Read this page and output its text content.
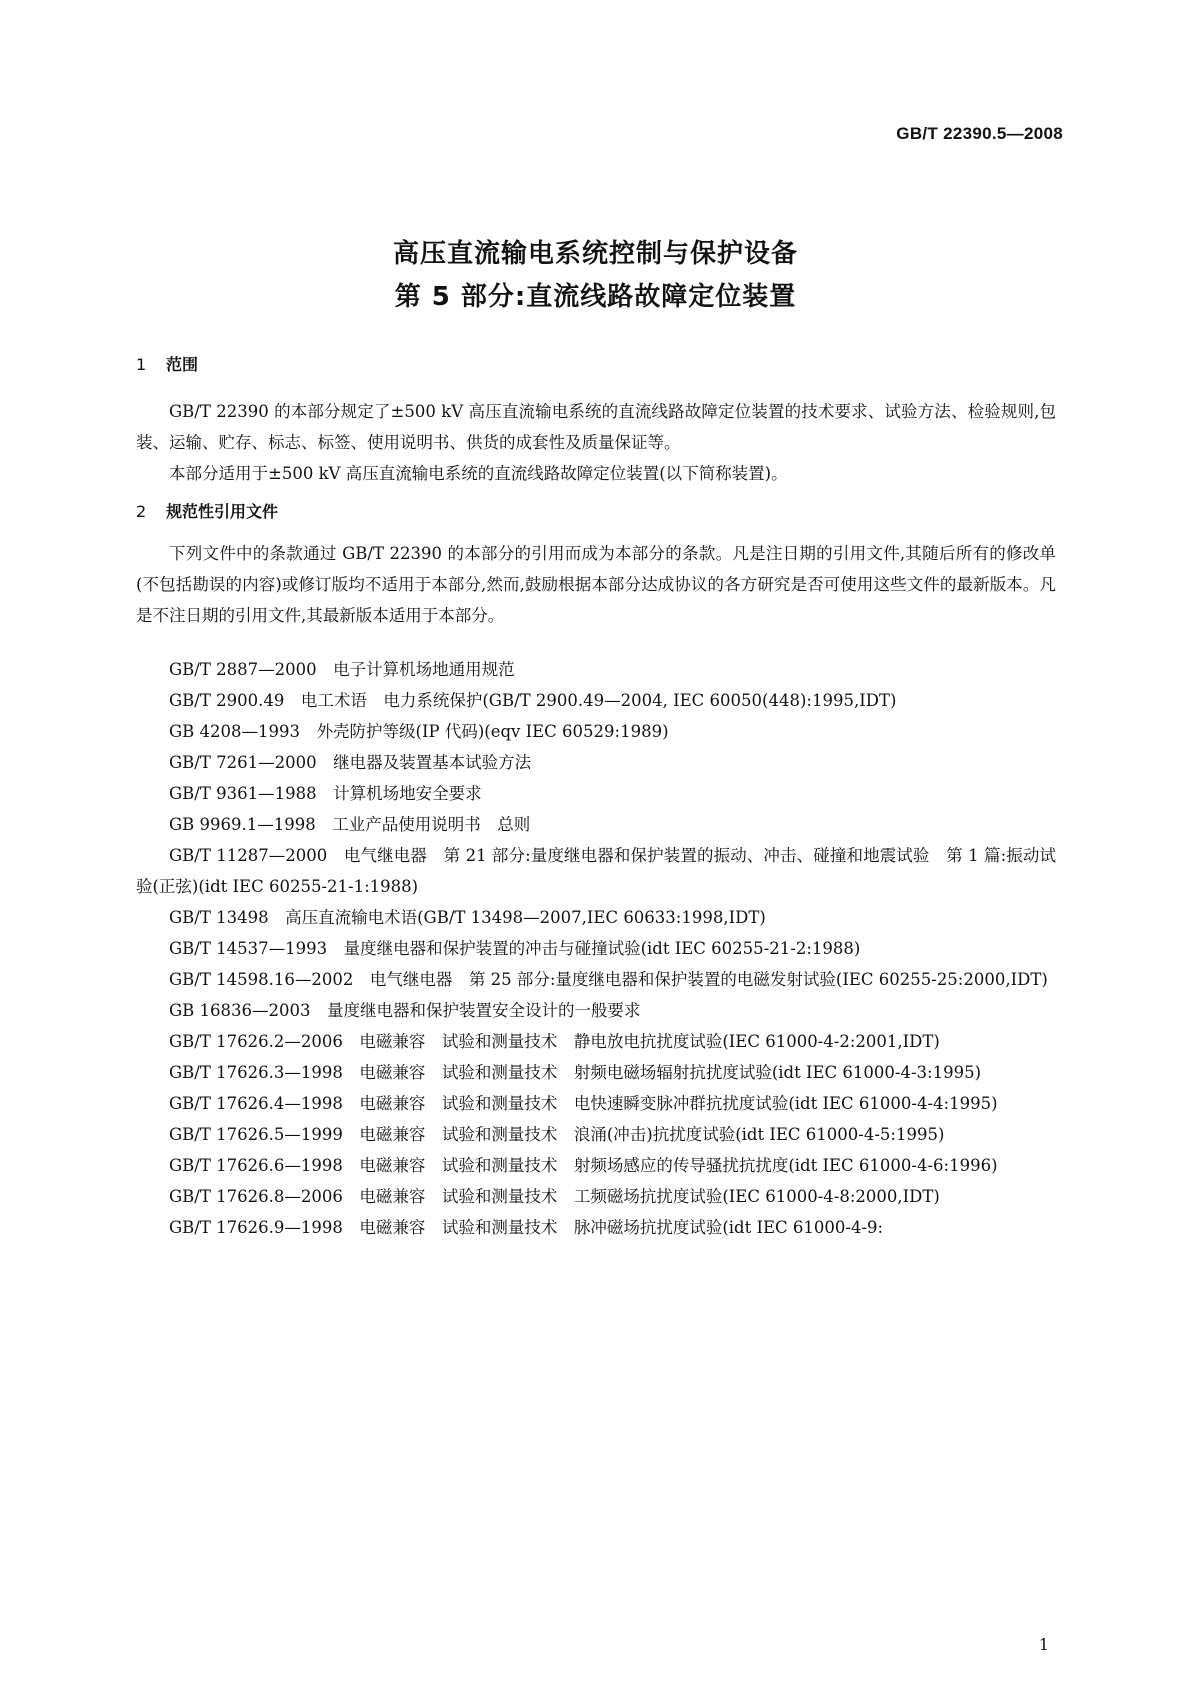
GB/T 22390.5—2008
高压直流输电系统控制与保护设备
第 5 部分:直流线路故障定位装置
1 范围

GB/T 22390 的本部分规定了±500 kV 高压直流输电系统的直流线路故障定位装置的技术要求、试验方法、检验规则,包装、运输、贮存、标志、标签、使用说明书、供货的成套性及质量保证等。

本部分适用于±500 kV 高压直流输电系统的直流线路故障定位装置(以下简称装置)。

2 规范性引用文件

下列文件中的条款通过 GB/T 22390 的本部分的引用而成为本部分的条款。凡是注日期的引用文件,其随后所有的修改单(不包括勘误的内容)或修订版均不适用于本部分,然而,鼓励根据本部分达成协议的各方研究是否可使用这些文件的最新版本。凡是不注日期的引用文件,其最新版本适用于本部分。

GB/T 2887—2000　电子计算机场地通用规范
GB/T 2900.49　电工术语　电力系统保护(GB/T 2900.49—2004, IEC 60050(448):1995,IDT)
GB 4208—1993　外壳防护等级(IP 代码)(eqv IEC 60529:1989)
GB/T 7261—2000　继电器及装置基本试验方法
GB/T 9361—1988　计算机场地安全要求
GB 9969.1—1998　工业产品使用说明书　总则
GB/T 11287—2000　电气继电器　第 21 部分:量度继电器和保护装置的振动、冲击、碰撞和地震试验　第 1 篇:振动试验(正弦)(idt IEC 60255-21-1:1988)
GB/T 13498　高压直流输电术语(GB/T 13498—2007,IEC 60633:1998,IDT)
GB/T 14537—1993　量度继电器和保护装置的冲击与碰撞试验(idt IEC 60255-21-2:1988)
GB/T 14598.16—2002　电气继电器　第 25 部分:量度继电器和保护装置的电磁发射试验(IEC 60255-25:2000,IDT)
GB 16836—2003　量度继电器和保护装置安全设计的一般要求
GB/T 17626.2—2006　电磁兼容　试验和测量技术　静电放电抗扰度试验(IEC 61000-4-2:2001,IDT)
GB/T 17626.3—1998　电磁兼容　试验和测量技术　射频电磁场辐射抗扰度试验(idt IEC 61000-4-3:1995)
GB/T 17626.4—1998　电磁兼容　试验和测量技术　电快速瞬变脉冲群抗扰度试验(idt IEC 61000-4-4:1995)
GB/T 17626.5—1999　电磁兼容　试验和测量技术　浪涌(冲击)抗扰度试验(idt IEC 61000-4-5:1995)
GB/T 17626.6—1998　电磁兼容　试验和测量技术　射频场感应的传导骚扰抗扰度(idt IEC 61000-4-6:1996)
GB/T 17626.8—2006　电磁兼容　试验和测量技术　工频磁场抗扰度试验(IEC 61000-4-8:2000,IDT)
GB/T 17626.9—1998　电磁兼容　试验和测量技术　脉冲磁场抗扰度试验(idt IEC 61000-4-9:
1
